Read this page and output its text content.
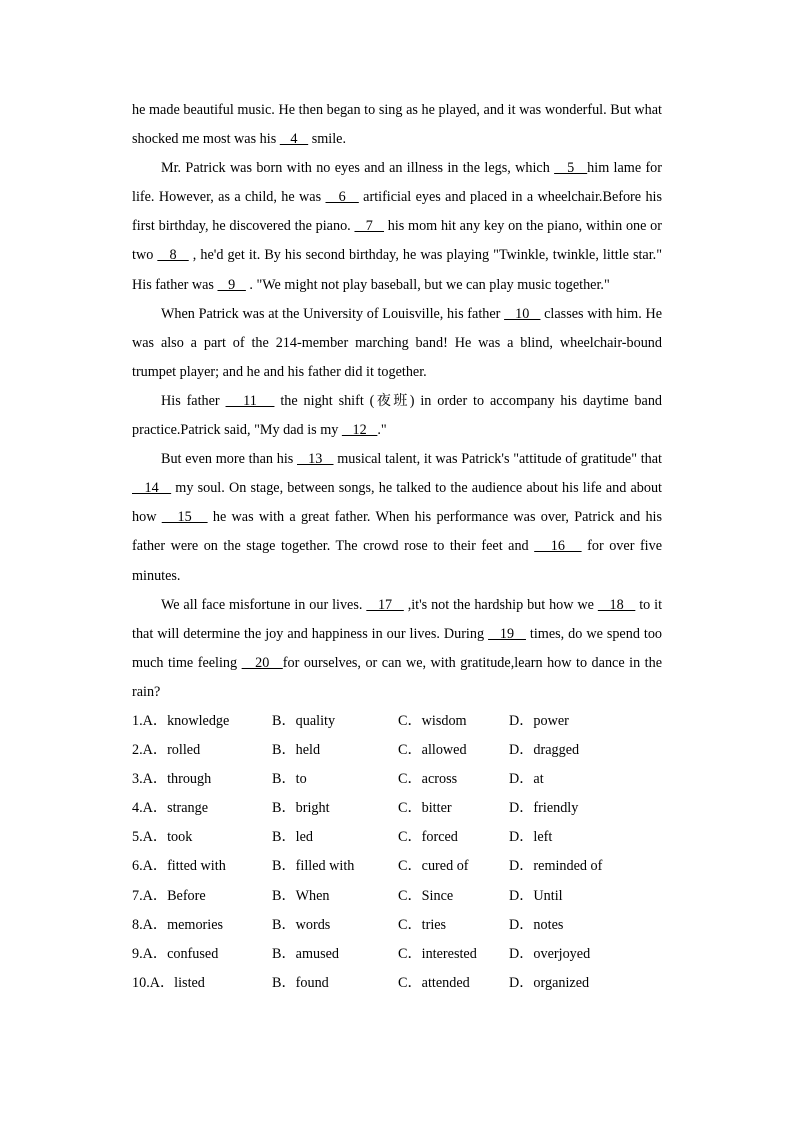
he made beautiful music. He then began to sing as he played, and it was wonderful. But what shocked me most was his    4    smile.

Mr. Patrick was born with no eyes and an illness in the legs, which    5   him lame for life. However, as a child, he was    6    artificial eyes and placed in a wheelchair.Before his first birthday, he discovered the piano.    7    his mom hit any key on the piano, within one or two    8    , he'd get it. By his second birthday, he was playing "Twinkle, twinkle, little star." His father was    9    . "We might not play baseball, but we can play music together."

When Patrick was at the University of Louisville, his father    10    classes with him. He was also a part of the 214-member marching band! He was a blind, wheelchair-bound trumpet player; and he and his father did it together.

His father    11    the night shift (夜班) in order to accompany his daytime band practice.Patrick said, "My dad is my    12   ."

But even more than his    13    musical talent, it was Patrick's "attitude of gratitude" that    14    my soul. On stage, between songs, he talked to the audience about his life and about how    15    he was with a great father. When his performance was over, Patrick and his father were on the stage together. The crowd rose to their feet and    16    for over five minutes.

We all face misfortune in our lives.    17    ,it's not the hardship but how we    18    to it that will determine the joy and happiness in our lives. During    19    times, do we spend too much time feeling    20   for ourselves, or can we, with gratitude,learn how to dance in the rain?

1.A．knowledge	B．quality	C．wisdom	D．power
2.A．rolled	B．held	C．allowed	D．dragged
3.A．through	B．to	C．across	D．at
4.A．strange	B．bright	C．bitter	D．friendly
5.A．took	B．led	C．forced	D．left
6.A．fitted with	B．filled with	C．cured of	D．reminded of
7.A．Before	B．When	C．Since	D．Until
8.A．memories	B．words	C．tries	D．notes
9.A．confused	B．amused	C．interested D．overjoyed
10.A．listed	B．found	C．attended	D．organized
